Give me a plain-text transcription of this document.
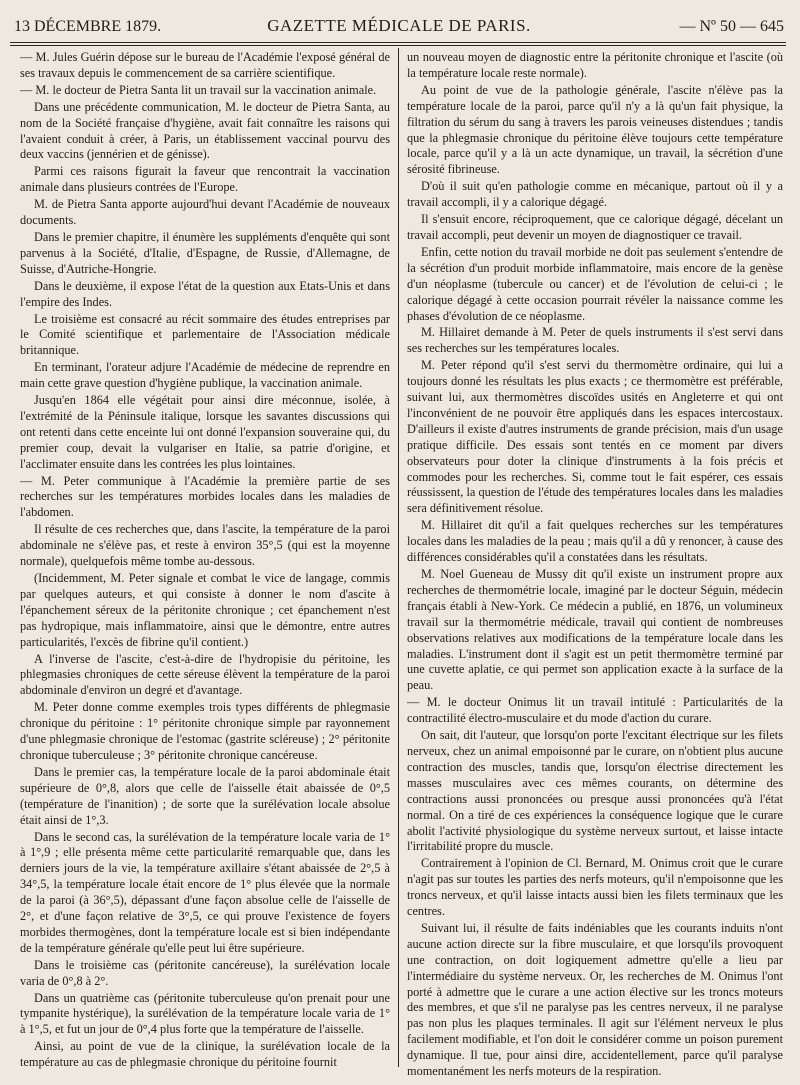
13 DÉCEMBRE 1879.	GAZETTE MÉDICALE DE PARIS.	— Nº 50 — 645

— M. Jules Guérin dépose sur le bureau de l'Académie l'exposé général de ses travaux depuis le commencement de sa carrière scientifique.

— M. le docteur de Pietra Santa lit un travail sur la vaccination animale.

Dans une précédente communication, M. le docteur de Pietra Santa, au nom de la Société française d'hygiène, avait fait connaître les raisons qui l'avaient conduit à créer, à Paris, un établissement vaccinal pourvu des deux vaccins (jennérien et de génisse).

Parmi ces raisons figurait la faveur que rencontrait la vaccination animale dans plusieurs contrées de l'Europe.

M. de Pietra Santa apporte aujourd'hui devant l'Académie de nouveaux documents.

Dans le premier chapitre, il énumère les suppléments d'enquête qui sont parvenus à la Société, d'Italie, d'Espagne, de Russie, d'Allemagne, de Suisse, d'Autriche-Hongrie.

Dans le deuxième, il expose l'état de la question aux Etats-Unis et dans l'empire des Indes.

Le troisième est consacré au récit sommaire des études entreprises par le Comité scientifique et parlementaire de l'Association médicale britannique.

En terminant, l'orateur adjure l'Académie de médecine de reprendre en main cette grave question d'hygiène publique, la vaccination animale.

Jusqu'en 1864 elle végétait pour ainsi dire méconnue, isolée, à l'extrémité de la Péninsule italique, lorsque les savantes discussions qui ont retenti dans cette enceinte lui ont donné l'expansion souveraine qui, du premier coup, devait la vulgariser en Italie, sa patrie d'origine, et l'acclimater ensuite dans les contrées les plus lointaines.

— M. Peter communique à l'Académie la première partie de ses recherches sur les températures morbides locales dans les maladies de l'abdomen.

Il résulte de ces recherches que, dans l'ascite, la température de la paroi abdominale ne s'élève pas, et reste à environ 35°,5 (qui est la moyenne normale), quelquefois même tombe au-dessous.

(Incidemment, M. Peter signale et combat le vice de langage, commis par quelques auteurs, et qui consiste à donner le nom d'ascite à l'épanchement séreux de la péritonite chronique ; cet épanchement n'est pas hydropique, mais inflammatoire, ainsi que le démontre, entre autres particularités, l'excès de fibrine qu'il contient.)

A l'inverse de l'ascite, c'est-à-dire de l'hydropisie du péritoine, les phlegmasies chroniques de cette séreuse élèvent la température de la paroi abdominale d'environ un degré et d'avantage.

M. Peter donne comme exemples trois types différents de phlegmasie chronique du péritoine : 1° péritonite chronique simple par rayonnement d'une phlegmasie chronique de l'estomac (gastrite scléreuse) ; 2° péritonite chronique tuberculeuse ; 3° péritonite chronique cancéreuse.

Dans le premier cas, la température locale de la paroi abdominale était supérieure de 0°,8, alors que celle de l'aisselle était abaissée de 0°,5 (température de l'inanition) ; de sorte que la surélévation locale absolue était ainsi de 1°,3.

Dans le second cas, la surélévation de la température locale varia de 1° à 1°,9 ; elle présenta même cette particularité remarquable que, dans les derniers jours de la vie, la température axillaire s'étant abaissée de 2°,5 à 34°,5, la température locale était encore de 1° plus élevée que la normale de la paroi (à 36°,5), dépassant d'une façon absolue celle de l'aisselle de 2°, et d'une façon relative de 3°,5, ce qui prouve l'existence de foyers morbides thermogènes, dont la température locale est si bien indépendante de la température générale qu'elle peut lui être supérieure.

Dans le troisième cas (péritonite cancéreuse), la surélévation locale varia de 0°,8 à 2°.

Dans un quatrième cas (péritonite tuberculeuse qu'on prenait pour une tympanite hystérique), la surélévation de la température locale varia de 1° à 1°,5, et fut un jour de 0°,4 plus forte que la température de l'aisselle.

Ainsi, au point de vue de la clinique, la surélévation locale de la température au cas de phlegmasie chronique du péritoine fournit

un nouveau moyen de diagnostic entre la péritonite chronique et l'ascite (où la température locale reste normale).

Au point de vue de la pathologie générale, l'ascite n'élève pas la température locale de la paroi, parce qu'il n'y a là qu'un fait physique, la filtration du sérum du sang à travers les parois veineuses distendues ; tandis que la phlegmasie chronique du péritoine élève toujours cette température locale, parce qu'il y a là un acte dynamique, un travail, la sécrétion d'une sérosité fibrineuse.

D'où il suit qu'en pathologie comme en mécanique, partout où il y a travail accompli, il y a calorique dégagé.

Il s'ensuit encore, réciproquement, que ce calorique dégagé, décelant un travail accompli, peut devenir un moyen de diagnostiquer ce travail.

Enfin, cette notion du travail morbide ne doit pas seulement s'entendre de la sécrétion d'un produit morbide inflammatoire, mais encore de la genèse d'un néoplasme (tubercule ou cancer) et de l'évolution de celui-ci ; le calorique dégagé à cette occasion pourrait révéler la naissance comme les phases d'évolution de ce néoplasme.

M. Hillairet demande à M. Peter de quels instruments il s'est servi dans ses recherches sur les températures locales.

M. Peter répond qu'il s'est servi du thermomètre ordinaire, qui lui a toujours donné les résultats les plus exacts ; ce thermomètre est préférable, suivant lui, aux thermomètres discoïdes usités en Angleterre et qui ont l'inconvénient de ne pouvoir être appliqués dans les espaces intercostaux. D'ailleurs il existe d'autres instruments de grande précision, mais d'un usage pratique difficile. Des essais sont tentés en ce moment par divers observateurs pour doter la clinique d'instruments à la fois précis et commodes pour les recherches. Si, comme tout le fait espérer, ces essais réussissent, la question de l'étude des températures locales dans les maladies sera définitivement résolue.

M. Hillairet dit qu'il a fait quelques recherches sur les températures locales dans les maladies de la peau ; mais qu'il a dû y renoncer, à cause des différences considérables qu'il a constatées dans les résultats.

M. Noel Gueneau de Mussy dit qu'il existe un instrument propre aux recherches de thermométrie locale, imaginé par le docteur Séguin, médecin français établi à New-York. Ce médecin a publié, en 1876, un volumineux travail sur la thermométrie médicale, travail qui contient de nombreuses observations relatives aux modifications de la température locale dans les maladies. L'instrument dont il s'agit est un petit thermomètre terminé par une cuvette aplatie, ce qui permet son application exacte à la surface de la peau.

— M. le docteur Onimus lit un travail intitulé : Particularités de la contractilité électro-musculaire et du mode d'action du curare.

On sait, dit l'auteur, que lorsqu'on porte l'excitant électrique sur les filets nerveux, chez un animal empoisonné par le curare, on n'obtient plus aucune contraction des muscles, tandis que, lorsqu'on électrise directement les masses musculaires avec ces mêmes courants, on détermine des contractions aussi prononcées ou presque aussi prononcées qu'à l'état normal. On a tiré de ces expériences la conséquence logique que le curare abolit l'activité physiologique du système nerveux surtout, et laisse intacte l'irritabilité propre du muscle.

Contrairement à l'opinion de Cl. Bernard, M. Onimus croit que le curare n'agit pas sur toutes les parties des nerfs moteurs, qu'il n'empoisonne que les troncs nerveux, et qu'il laisse intacts aussi bien les filets terminaux que les centres.

Suivant lui, il résulte de faits indéniables que les courants induits n'ont aucune action directe sur la fibre musculaire, et que lorsqu'ils provoquent une contraction, on doit logiquement admettre qu'elle a lieu par l'intermédiaire du système nerveux. Or, les recherches de M. Onimus l'ont porté à admettre que le curare a une action élective sur les troncs moteurs des membres, et que s'il ne paralyse pas les centres nerveux, il ne paralyse pas non plus les plaques terminales. Il agit sur l'élément nerveux le plus facilement modifiable, et l'on doit le considérer comme un poison purement dynamique. Il tue, pour ainsi dire, accidentellement, parce qu'il paralyse momentanément les nerfs moteurs de la respiration.
